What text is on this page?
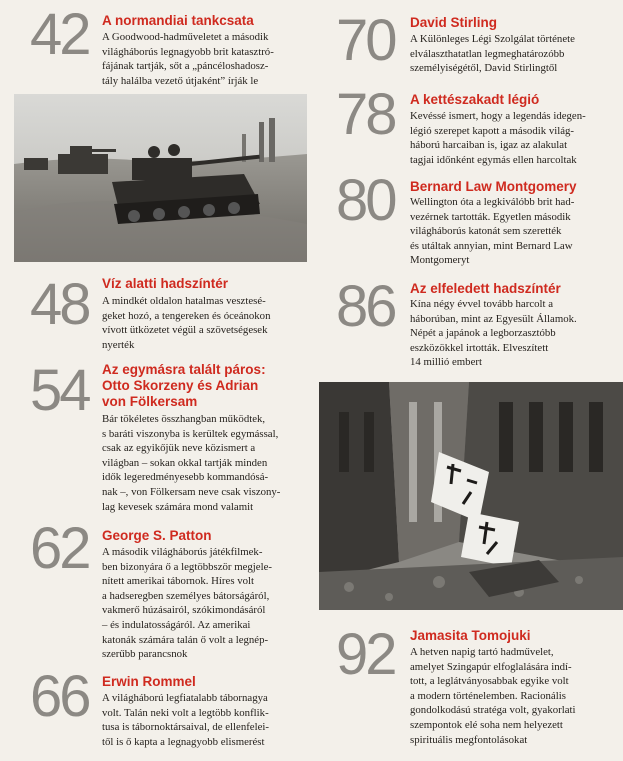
42 A normandiai tankcsata
A Goodwood-hadműveletet a második
világháborús legnagyobb brit katasztró-
fájának tartják, sőt a „páncéloshadosz-
tály halálba vezető útjaként” írják le
48 Víz alatti hadszíntér
A mindkét oldalon hatalmas vesztesé-
geket hozó, a tengereken és óceánokon
vívott ütközetet végül a szövetségesek
nyerték
54 Az egymásra talált páros:
Otto Skorzeny és Adrian
von Fölkersam
Bár tökéletes összhangban működtek,
s baráti viszonyba is kerültek egymással,
csak az egyikőjük neve közismert a
világban – sokan okkal tartják minden
idők legeredményesebb kommandósá-
nak –, von Fölkersam neve csak viszony-
lag kevesek számára mond valamit
62 George S. Patton
A második világháborús játékfilmek-
ben bizonyára ő a legtöbbször megjele-
nített amerikai tábornok. Híres volt
a hadseregben személyes bátorságáról,
vakmerő húzásairól, szókimondásáról
– és indulatosságáról. Az amerikai
katonák számára talán ő volt a legnép-
szerűbb parancsnok
66 Erwin Rommel
A világháború legfiatalabb tábornagya
volt. Talán neki volt a legtöbb konflik-
tusa is tábornoktársaival, de ellenfelei-
től is ő kapta a legnagyobb elismerést
70 David Stirling
A Különleges Légi Szolgálat története
elválaszthatatlan legmeghatározóbb
személyiségétől, David Stirlingtől
78 A kettészakadt légió
Kevéssé ismert, hogy a legendás idegen-
légió szerepet kapott a második világ-
háború harcaiban is, igaz az alakulat
tagjai időnként egymás ellen harcoltak
80 Bernard Law Montgomery
Wellington óta a legkiválóbb brit had-
vezérnek tartották. Egyetlen második
világháborús katonát sem szerették
és utáltak annyian, mint Bernard Law
Montgomeryt
86 Az elfeledett hadszíntér
Kína négy évvel tovább harcolt a
háborúban, mint az Egyesült Államok.
Népét a japánok a legborzasztóbb
eszközökkel irtották. Elveszített
14 millió embert
92 Jamasita Tomojuki
A hetven napig tartó hadművelet,
amelyet Szingapúr elfoglalására indí-
tott, a leglátványosabbak egyike volt
a modern történelemben. Racionális
gondolkodású stratéga volt, gyakorlati
szempontok elé soha nem helyezett
spirituális megfontolásokat
